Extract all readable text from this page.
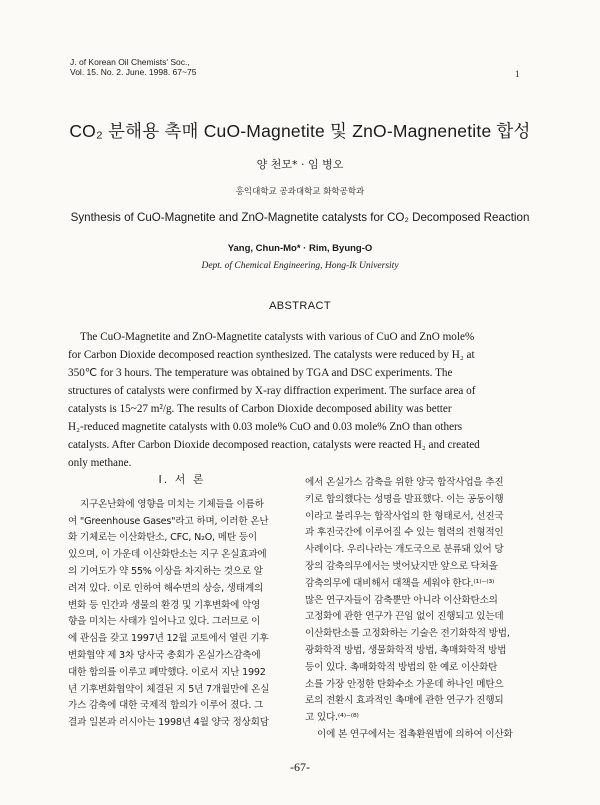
J. of Korean Oil Chemists' Soc.,
Vol. 15. No. 2. June. 1998. 67~75	1
CO₂ 분해용 촉매 CuO-Magnetite 및 ZnO-Magnenetite 합성
양 천모* · 임 병오
홍익대학교 공과대학교 화학공학과
Synthesis of CuO-Magnetite and ZnO-Magnetite catalysts for CO₂ Decomposed Reaction
Yang, Chun-Mo* · Rim, Byung-O
Dept. of Chemical Engineering, Hong-Ik University
ABSTRACT
The CuO-Magnetite and ZnO-Magnetite catalysts with various of CuO and ZnO mole%
for Carbon Dioxide decomposed reaction synthesized. The catalysts were reduced by H₂ at
350℃ for 3 hours. The temperature was obtained by TGA and DSC experiments. The
structures of catalysts were confirmed by X-ray diffraction experiment. The surface area of
catalysts is 15~27 m²/g. The results of Carbon Dioxide decomposed ability was better
H₂-reduced magnetite catalysts with 0.03 mole% CuO and 0.03 mole% ZnO than others
catalysts. After Carbon Dioxide decomposed reaction, catalysts were reacted H₂ and created
only methane.
Ⅰ. 서 론
지구온난화에 영향을 미치는 기체들을 이름하
여 "Greenhouse Gases"라고 하며, 이러한 온난
화 기체로는 이산화탄소, CFC, N₂O, 메탄 등이
있으며, 이 가운데 이산화탄소는 지구 온실효과에
의 기여도가 약 55% 이상을 차지하는 것으로 알
려져 있다. 이로 인하여 해수면의 상승, 생태계의
변화 등 인간과 생물의 환경 및 기후변화에 악영
향을 미치는 사태가 일어나고 있다. 그러므로 이
에 관심을 갖고 1997년 12월 교토에서 열린 기후
변화협약 제 3차 당사국 총회가 온실가스감축에
대한 합의를 이루고 폐막했다. 이로서 지난 1992
년 기후변화협약이 체결된 지 5년 7개월만에 온실
가스 감축에 대한 국제적 합의가 이루어 졌다. 그
결과 일본과 러시아는 1998년 4월 양국 정상회담
에서 온실가스 감축을 위한 양국 합작사업을 추진
키로 합의했다는 성명을 발표했다. 이는 공동이행
이라고 불리우는 합작사업의 한 형태로서, 선진국
과 후진국간에 이루어질 수 있는 협력의 전형적인
사례이다. 우리나라는 개도국으로 분류돼 있어 당
장의 감축의무에서는 벗어났지만 앞으로 닥쳐올
감축의무에 대비해서 대책을 세워야 한다.⁽¹⁾⁻⁽³⁾
많은 연구자들이 감축뿐만 아니라 이산화탄소의
고정화에 관한 연구가 끈임 없이 진행되고 있는데
이산화탄소를 고정화하는 기술은 전기화학적 방법,
광화학적 방법, 생물화학적 방법, 촉매화학적 방법
등이 있다. 촉매화학적 방법의 한 예로 이산화탄
소를 가장 안정한 탄화수소 가운데 하나인 메탄으
로의 전환시 효과적인 촉매에 관한 연구가 진행되
고 있다.⁽⁴⁾⁻⁽⁸⁾
이에 본 연구에서는 접촉환원법에 의하여 이산화
-67-
